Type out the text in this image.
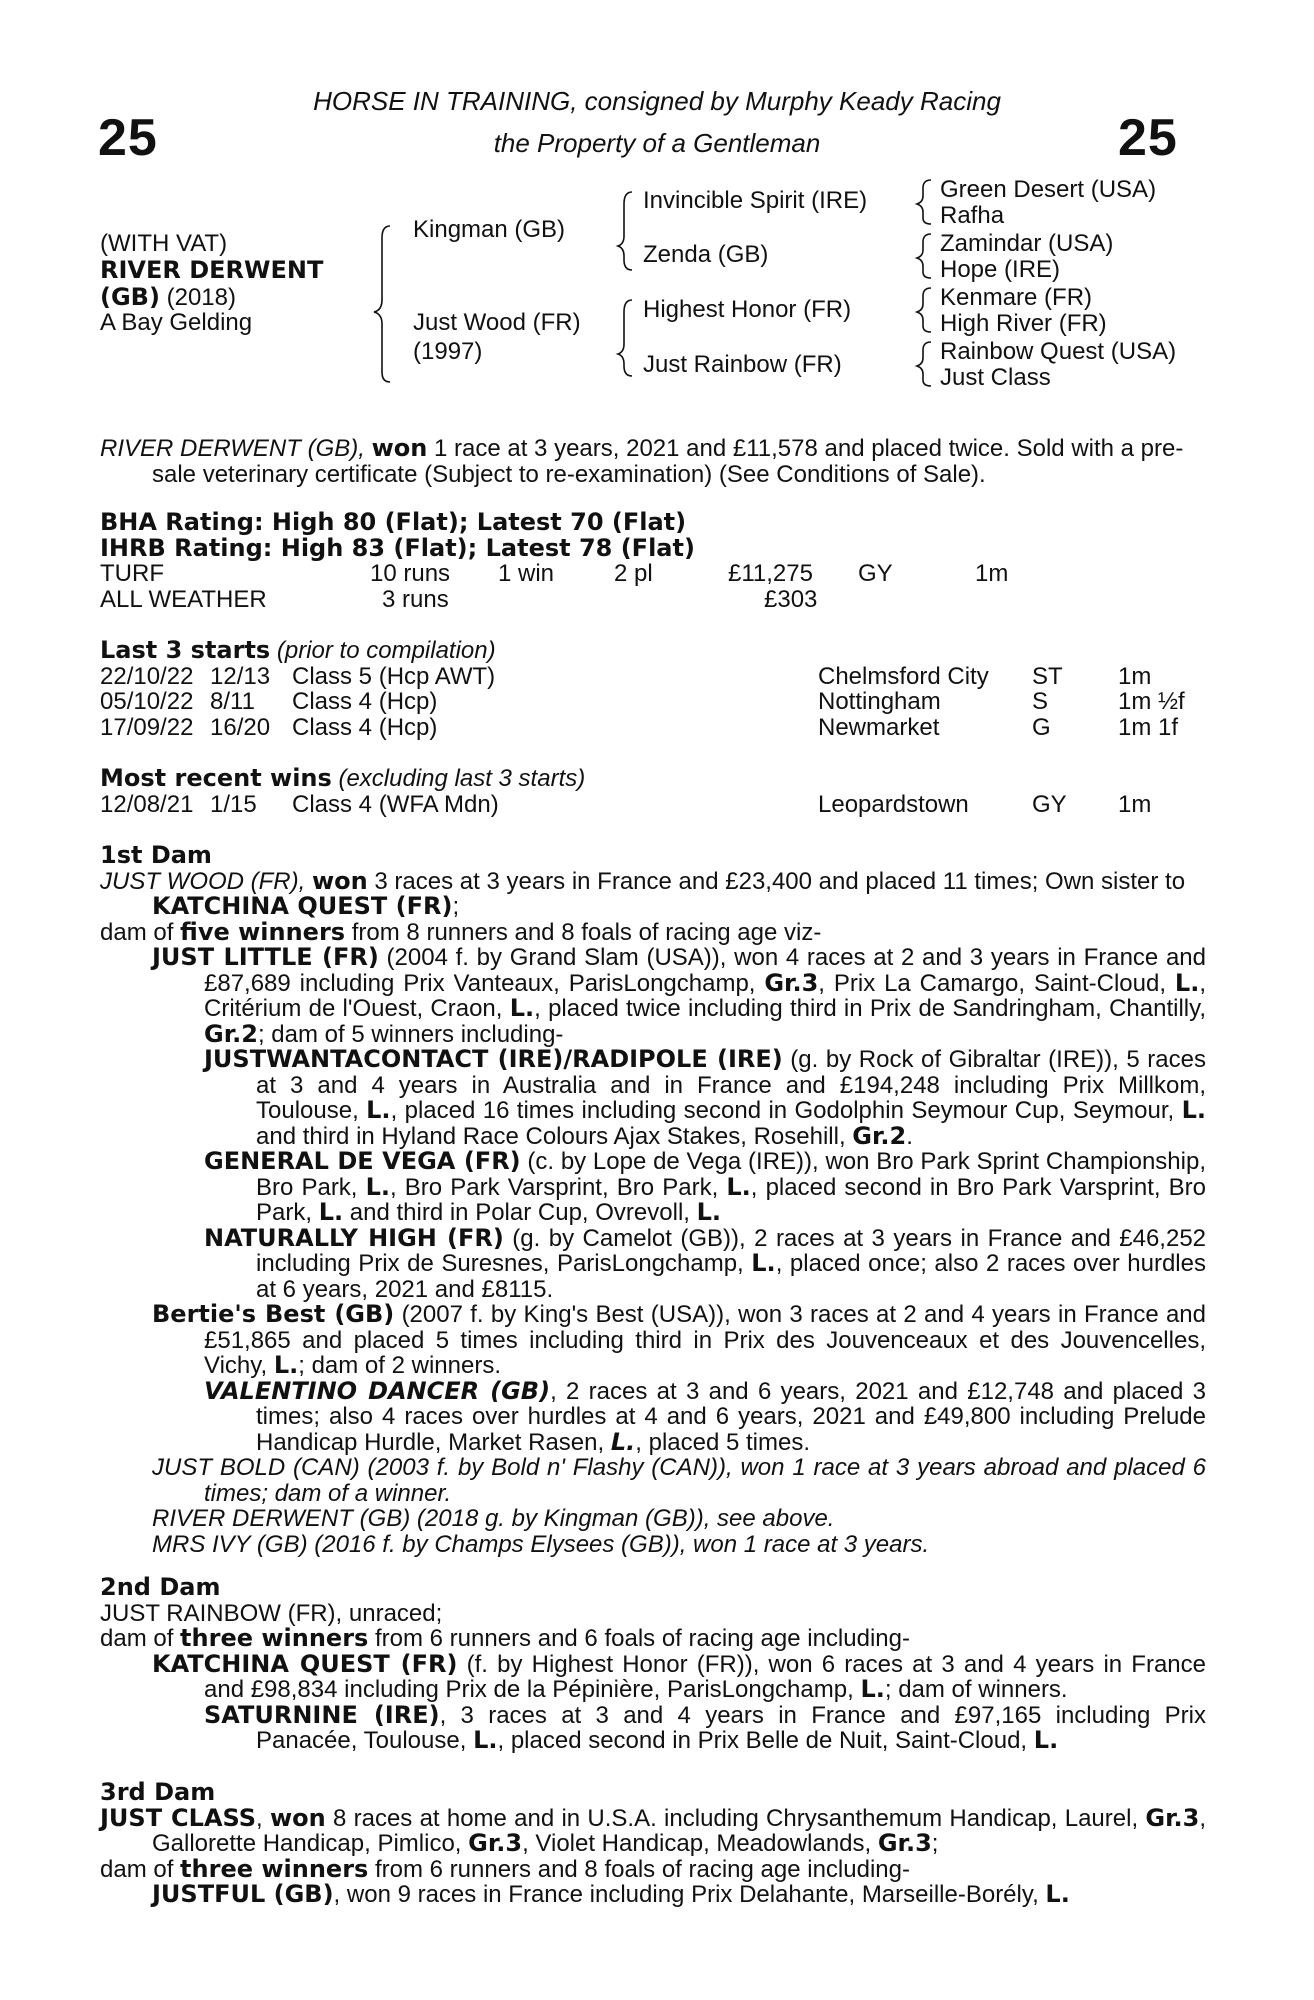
25	25
HORSE IN TRAINING, consigned by Murphy Keady Racing
the Property of a Gentleman
(WITH VAT)
RIVER DERWENT
(GB) (2018)
A Bay Gelding
Kingman (GB)
Just Wood (FR)
(1997)
Invincible Spirit (IRE)
Zenda (GB)
Highest Honor (FR)
Just Rainbow (FR)
Green Desert (USA)
Rafha
Zamindar (USA)
Hope (IRE)
Kenmare (FR)
High River (FR)
Rainbow Quest (USA)
Just Class

RIVER DERWENT (GB), won 1 race at 3 years, 2021 and £11,578 and placed twice. Sold with a pre-sale veterinary certificate (Subject to re-examination) (See Conditions of Sale).

BHA Rating: High 80 (Flat); Latest 70 (Flat)
IHRB Rating: High 83 (Flat); Latest 78 (Flat)
TURF	10 runs 1 win 2 pl	£11,275 GY	1m
ALL WEATHER	3 runs	£303
Last 3 starts (prior to compilation)
22/10/22 12/13 Class 5 (Hcp AWT)	Chelmsford City ST 1m
05/10/22 8/11 Class 4 (Hcp)	Nottingham	S	1m ½f
17/09/22 16/20 Class 4 (Hcp)	Newmarket	G	1m 1f
Most recent wins (excluding last 3 starts)
12/08/21 1/15 Class 4 (WFA Mdn)	Leopardstown	GY 1m
1st Dam

JUST WOOD (FR), won 3 races at 3 years in France and £23,400 and placed 11 times; Own sister to KATCHINA QUEST (FR);

dam of five winners from 8 runners and 8 foals of racing age viz-

JUST LITTLE (FR) (2004 f. by Grand Slam (USA)), won 4 races at 2 and 3 years in France and £87,689 including Prix Vanteaux, ParisLongchamp, Gr.3, Prix La Camargo, Saint-Cloud, L., Critérium de l'Ouest, Craon, L., placed twice including third in Prix de Sandringham, Chantilly, Gr.2; dam of 5 winners including-

JUSTWANTACONTACT (IRE)/RADIPOLE (IRE) (g. by Rock of Gibraltar (IRE)), 5 races at 3 and 4 years in Australia and in France and £194,248 including Prix Millkom, Toulouse, L., placed 16 times including second in Godolphin Seymour Cup, Seymour, L. and third in Hyland Race Colours Ajax Stakes, Rosehill, Gr.2.

GENERAL DE VEGA (FR) (c. by Lope de Vega (IRE)), won Bro Park Sprint Championship, Bro Park, L., Bro Park Varsprint, Bro Park, L., placed second in Bro Park Varsprint, Bro Park, L. and third in Polar Cup, Ovrevoll, L.

NATURALLY HIGH (FR) (g. by Camelot (GB)), 2 races at 3 years in France and £46,252 including Prix de Suresnes, ParisLongchamp, L., placed once; also 2 races over hurdles at 6 years, 2021 and £8115.

Bertie's Best (GB) (2007 f. by King's Best (USA)), won 3 races at 2 and 4 years in France and £51,865 and placed 5 times including third in Prix des Jouvenceaux et des Jouvencelles, Vichy, L.; dam of 2 winners.

VALENTINO DANCER (GB), 2 races at 3 and 6 years, 2021 and £12,748 and placed 3 times; also 4 races over hurdles at 4 and 6 years, 2021 and £49,800 including Prelude Handicap Hurdle, Market Rasen, L., placed 5 times.

JUST BOLD (CAN) (2003 f. by Bold n' Flashy (CAN)), won 1 race at 3 years abroad and placed 6 times; dam of a winner.

RIVER DERWENT (GB) (2018 g. by Kingman (GB)), see above.

MRS IVY (GB) (2016 f. by Champs Elysees (GB)), won 1 race at 3 years.

2nd Dam
JUST RAINBOW (FR), unraced;

dam of three winners from 6 runners and 6 foals of racing age including-

KATCHINA QUEST (FR) (f. by Highest Honor (FR)), won 6 races at 3 and 4 years in France and £98,834 including Prix de la Pépinière, ParisLongchamp, L.; dam of winners.

SATURNINE (IRE), 3 races at 3 and 4 years in France and £97,165 including Prix Panacée, Toulouse, L., placed second in Prix Belle de Nuit, Saint-Cloud, L.

3rd Dam

JUST CLASS, won 8 races at home and in U.S.A. including Chrysanthemum Handicap, Laurel, Gr.3, Gallorette Handicap, Pimlico, Gr.3, Violet Handicap, Meadowlands, Gr.3;

dam of three winners from 6 runners and 8 foals of racing age including-

JUSTFUL (GB), won 9 races in France including Prix Delahante, Marseille-Borély, L.
